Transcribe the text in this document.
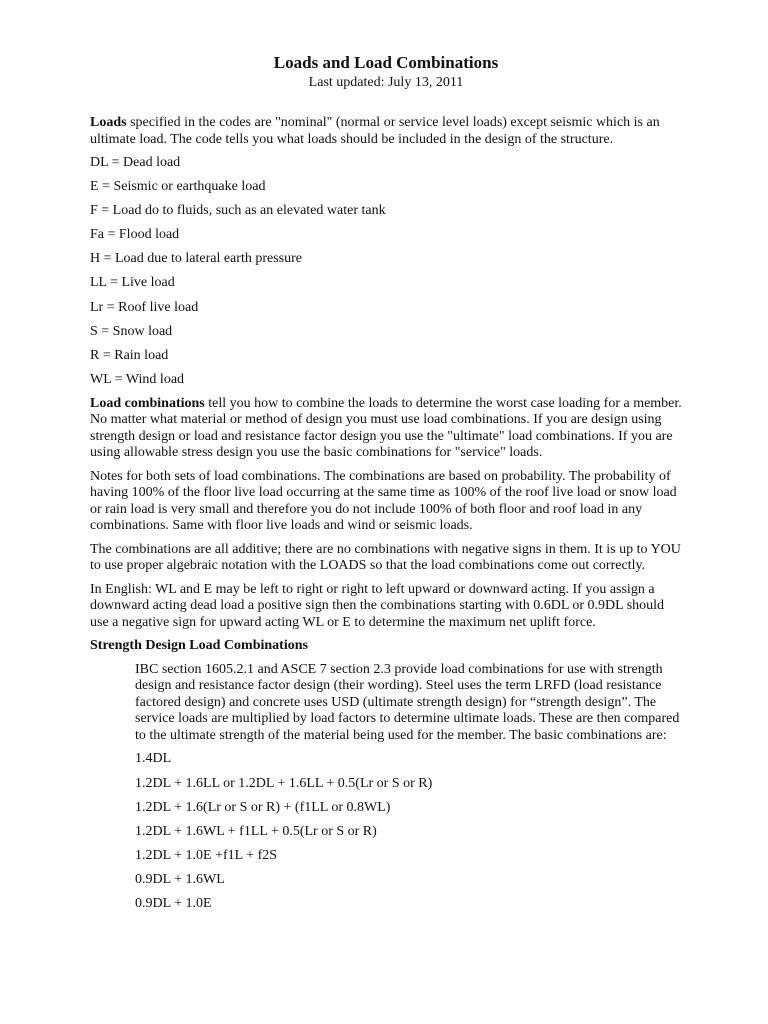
Loads and Load Combinations
Last updated: July 13, 2011

Loads specified in the codes are "nominal" (normal or service level loads) except seismic which is an ultimate load. The code tells you what loads should be included in the design of the structure.

DL = Dead load
E = Seismic or earthquake load
F = Load do to fluids, such as an elevated water tank
Fa = Flood load
H = Load due to lateral earth pressure
LL = Live load
Lr = Roof live load
S = Snow load
R = Rain load
WL = Wind load

Load combinations tell you how to combine the loads to determine the worst case loading for a member. No matter what material or method of design you must use load combinations. If you are design using strength design or load and resistance factor design you use the "ultimate" load combinations. If you are using allowable stress design you use the basic combinations for "service" loads.

Notes for both sets of load combinations. The combinations are based on probability. The probability of having 100% of the floor live load occurring at the same time as 100% of the roof live load or snow load or rain load is very small and therefore you do not include 100% of both floor and roof load in any combinations. Same with floor live loads and wind or seismic loads.

The combinations are all additive; there are no combinations with negative signs in them. It is up to YOU to use proper algebraic notation with the LOADS so that the load combinations come out correctly.

In English: WL and E may be left to right or right to left upward or downward acting. If you assign a downward acting dead load a positive sign then the combinations starting with 0.6DL or 0.9DL should use a negative sign for upward acting WL or E to determine the maximum net uplift force.

Strength Design Load Combinations

IBC section 1605.2.1 and ASCE 7 section 2.3 provide load combinations for use with strength design and resistance factor design (their wording). Steel uses the term LRFD (load resistance factored design) and concrete uses USD (ultimate strength design) for “strength design”. The service loads are multiplied by load factors to determine ultimate loads. These are then compared to the ultimate strength of the material being used for the member. The basic combinations are:

1.4DL
1.2DL + 1.6LL or 1.2DL + 1.6LL + 0.5(Lr or S or R)
1.2DL + 1.6(Lr or S or R) + (f1LL or 0.8WL)
1.2DL + 1.6WL + f1LL + 0.5(Lr or S or R)
1.2DL + 1.0E +f1L + f2S
0.9DL + 1.6WL
0.9DL + 1.0E
